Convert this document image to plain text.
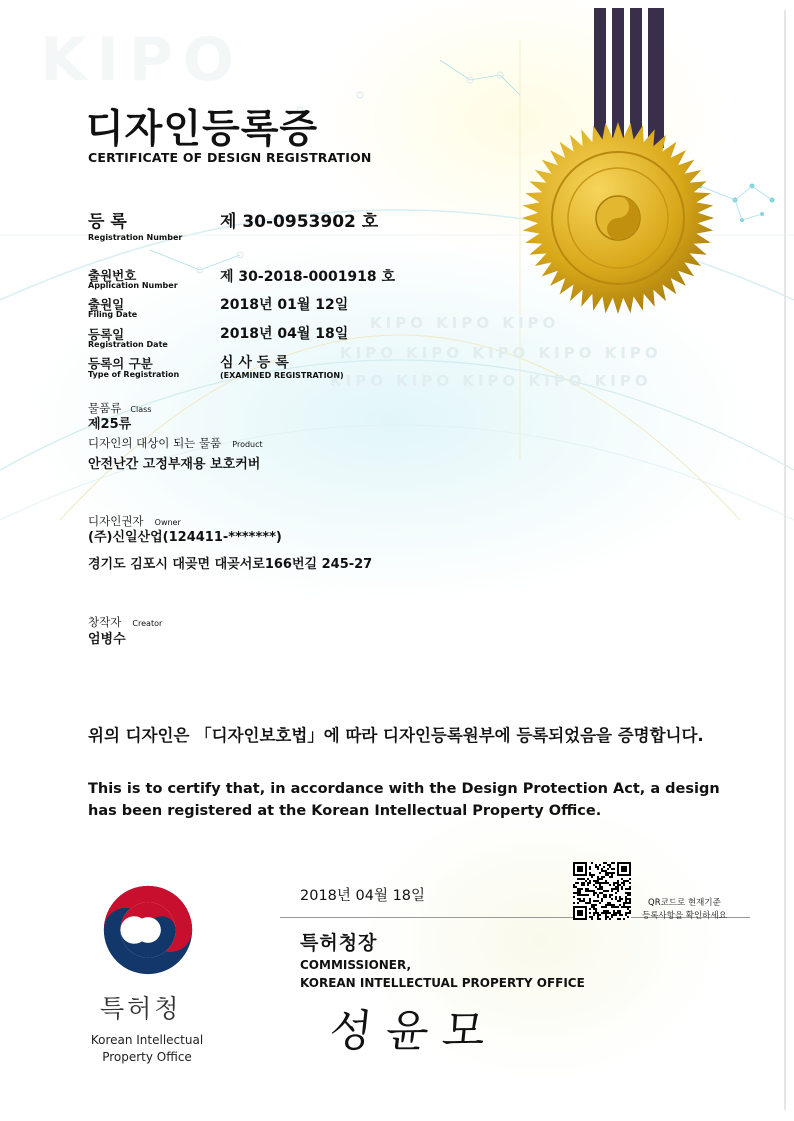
KIPO
KIPO KIPO KIPO
KIPO KIPO KIPO KIPO KIPO
KIPO KIPO KIPO KIPO KIPO
디자인등록증
CERTIFICATE OF DESIGN REGISTRATION
등 록
Registration Number
제 30-0953902 호
출원번호
Application Number
제 30-2018-0001918 호
출원일
Filing Date
2018년 01월 12일
등록일
Registration Date
2018년 04월 18일
등록의 구분
Type of Registration
심 사 등 록
(EXAMINED REGISTRATION)
물품류 Class
제25류
디자인의 대상이 되는 물품 Product
안전난간 고정부재용 보호커버
디자인권자 Owner
(주)신일산업(124411-*******)
경기도 김포시 대곶면 대곶서로166번길 245-27
창작자 Creator
엄병수
위의 디자인은 「디자인보호법」에 따라 디자인등록원부에 등록되었음을 증명합니다.
This is to certify that, in accordance with the Design Protection Act, a design has been registered at the Korean Intellectual Property Office.
2018년 04월 18일
특허청장
COMMISSIONER,
KOREAN INTELLECTUAL PROPERTY OFFICE
QR코드로 현재기준
등록사항을 확인하세요
성윤모
특허청
Korean Intellectual Property Office
